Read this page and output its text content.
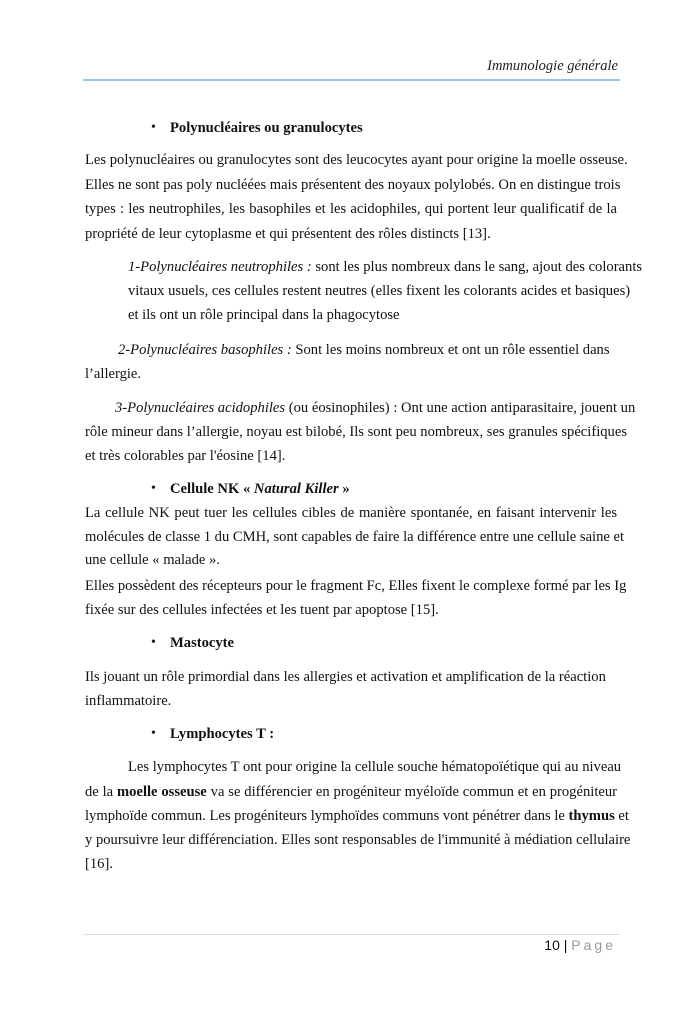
Immunologie générale
• Polynucléaires ou granulocytes
Les polynucléaires ou granulocytes sont des leucocytes ayant pour origine la moelle osseuse.
Elles ne sont pas poly nucléées mais présentent des noyaux polylobés. On en distingue trois
types : les neutrophiles, les basophiles et les acidophiles, qui portent leur qualificatif de la
propriété de leur cytoplasme et qui présentent des rôles distincts [13].
1-Polynucléaires neutrophiles : sont les plus nombreux dans le sang, ajout des colorants
vitaux usuels, ces cellules restent neutres (elles fixent les colorants acides et basiques)
et ils ont un rôle principal dans la phagocytose
2-Polynucléaires basophiles : Sont les moins nombreux et ont un rôle essentiel dans
l’allergie.
3-Polynucléaires acidophiles (ou éosinophiles) : Ont une action antiparasitaire, jouent un
rôle mineur dans l’allergie, noyau est bilobé, Ils sont peu nombreux, ses granules spécifiques
et très colorables par l'éosine [14].
• Cellule NK « Natural Killer »
La cellule NK peut tuer les cellules cibles de manière spontanée, en faisant intervenir les
molécules de classe 1 du CMH, sont capables de faire la différence entre une cellule saine et
une cellule « malade ».
Elles possèdent des récepteurs pour le fragment Fc, Elles fixent le complexe formé par les Ig
fixée sur des cellules infectées et les tuent par apoptose [15].
• Mastocyte
Ils jouant un rôle primordial dans les allergies et activation et amplification de la réaction
inflammatoire.
• Lymphocytes T :
Les lymphocytes T ont pour origine la cellule souche hématopoïétique qui au niveau
de la moelle osseuse va se différencier en progéniteur myéloïde commun et en progéniteur
lymphoïde commun. Les progéniteurs lymphoïdes communs vont pénétrer dans le thymus et
y poursuivre leur différenciation. Elles sont responsables de l'immunité à médiation cellulaire
[16].
10 | Page
